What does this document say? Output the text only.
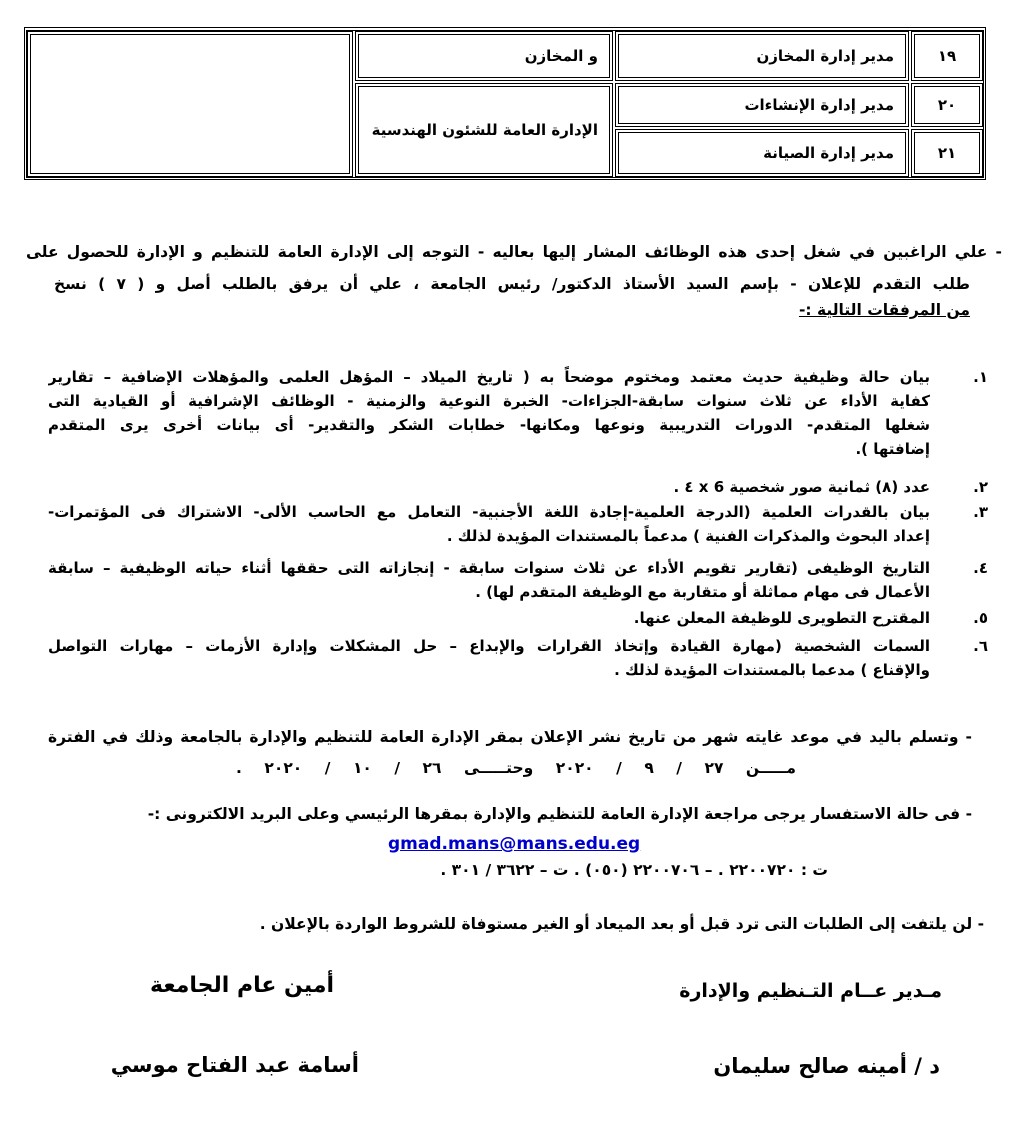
١٩
مدير إدارة المخازن
و المخازن
٢٠
مدير إدارة الإنشاءات
الإدارة العامة للشئون الهندسية
٢١
مدير إدارة الصيانة
- علي الراغبين في شغل إحدى هذه الوظائف المشار إليها بعاليه - التوجه إلى الإدارة العامة للتنظيم و الإدارة للحصول على
طلب التقدم للإعلان - بإسم السيد الأستاذ الدكتور/ رئيس الجامعة ، علي أن يرفق بالطلب أصل و ( ٧ ) نسخ
من المرفقات التالية :-
١.
بيان حالة وظيفية حديث معتمد ومختوم موضحاً به ( تاريخ الميلاد – المؤهل العلمى والمؤهلات الإضافية – تقارير
كفاية الأداء عن ثلاث سنوات سابقة-الجزاءات- الخبرة النوعية والزمنية - الوظائف الإشرافية أو القيادية التى
شغلها المتقدم- الدورات التدريبية ونوعها ومكانها- خطابات الشكر والتقدير- أى بيانات أخرى يرى المتقدم
إضافتها ).
٢.
عدد (٨) ثمانية صور شخصية 6 x ٤ .
٣.
بيان بالقدرات العلمية (الدرجة العلمية-إجادة اللغة الأجنبية- التعامل مع الحاسب الألى- الاشتراك فى المؤتمرات-
إعداد البحوث والمذكرات الفنية ) مدعماً بالمستندات المؤيدة لذلك .
٤.
التاريخ الوظيفى (تقارير تقويم الأداء عن ثلاث سنوات سابقة - إنجازاته التى حققها أثناء حياته الوظيفية – سابقة
الأعمال فى مهام مماثلة أو متقاربة مع الوظيفة المتقدم لها) .
٥.
المقترح التطويرى للوظيفة المعلن عنها.
٦.
السمات الشخصية (مهارة القيادة وإتخاذ القرارات والإبداع – حل المشكلات وإدارة الأزمات – مهارات التواصل
والإقناع ) مدعما بالمستندات المؤيدة لذلك .
- وتسلم باليد في موعد غايته شهر من تاريخ نشر الإعلان بمقر الإدارة العامة للتنظيم والإدارة بالجامعة وذلك في الفترة
مـــــن ٢٧ / ٩ / ٢٠٢٠ وحتـــــى ٢٦ / ١٠ / ٢٠٢٠ .
- فى حالة الاستفسار يرجى مراجعة الإدارة العامة للتنظيم والإدارة بمقرها الرئيسي وعلى البريد الالكترونى :-
gmad.mans@mans.edu.eg
ت : ٢٢٠٠٧٢٠ . – ٢٢٠٠٧٠٦ (٠٥٠) . ت – ٣٦٢٢ / ٣٠١ .
- لن يلتفت إلى الطلبات التى ترد قبل أو بعد الميعاد أو الغير مستوفاة للشروط الواردة بالإعلان .
مـدير عــام التـنظيم والإدارة
أمين عام الجامعة
د / أمينه صالح سليمان
أسامة عبد الفتاح موسي
